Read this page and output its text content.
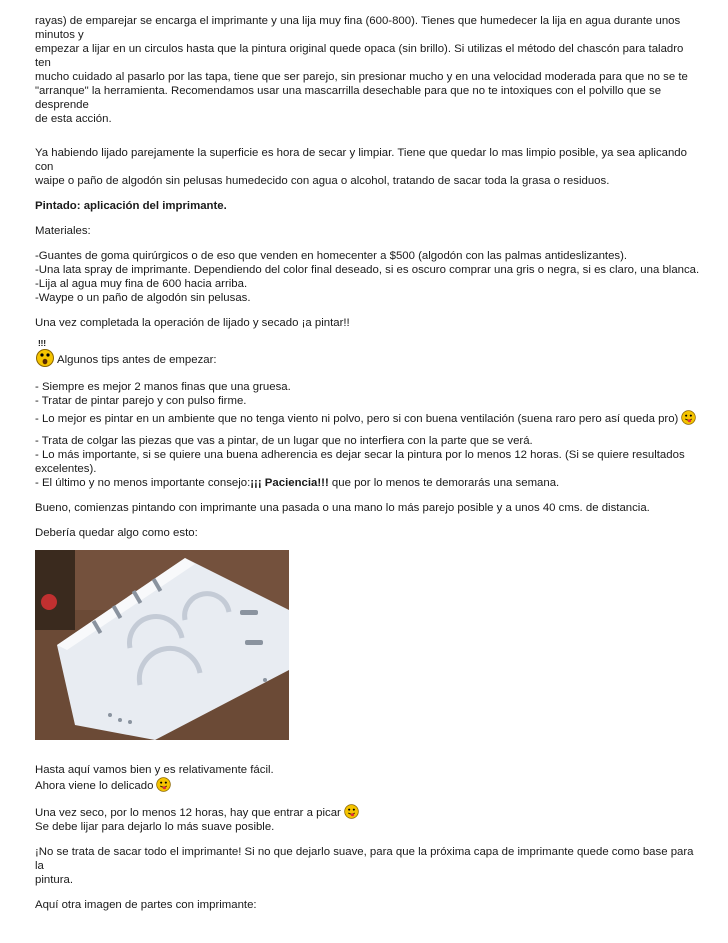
rayas) de emparejar se encarga el imprimante y una lija muy fina (600-800). Tienes que humedecer la lija en agua durante unos minutos y
empezar a lijar en un circulos hasta que la pintura original quede opaca (sin brillo). Si utilizas el método del chascón para taladro ten
mucho cuidado al pasarlo por las tapa, tiene que ser parejo, sin presionar mucho y en una velocidad moderada para que no se te
"arranque" la herramienta. Recomendamos usar una mascarrilla desechable para que no te intoxiques con el polvillo que se desprende
de esta acción.
Ya habiendo lijado parejamente la superficie es hora de secar y limpiar. Tiene que quedar lo mas limpio posible, ya sea aplicando con
waipe o paño de algodón sin pelusas humedecido con agua o alcohol, tratando de sacar toda la grasa o residuos.
Pintado: aplicación del imprimante.
Materiales:
-Guantes de goma quirúrgicos o de eso que venden en homecenter a $500 (algodón con las palmas antideslizantes).
-Una lata spray de imprimante. Dependiendo del color final deseado, si es oscuro comprar una gris o negra, si es claro, una blanca.
-Lija al agua muy fina de 600 hacia arriba.
-Waype o un paño de algodón sin pelusas.
Una vez completada la operación de lijado y secado ¡a pintar!!
!!!
Algunos tips antes de empezar:
- Siempre es mejor 2 manos finas que una gruesa.
- Tratar de pintar parejo y con pulso firme.
- Lo mejor es pintar en un ambiente que no tenga viento ni polvo, pero si con buena ventilación (suena raro pero así queda pro)
- Trata de colgar las piezas que vas a pintar, de un lugar que no interfiera con la parte que se verá.
- Lo más importante, si se quiere una buena adherencia es dejar secar la pintura por lo menos 12 horas. (Si se quiere resultados
excelentes).
- El último y no menos importante consejo:¡¡¡ Paciencia!!! que por lo menos te demorarás una semana.
Bueno, comienzas pintando con imprimante una pasada o una mano lo más parejo posible y a unos 40 cms. de distancia.
Debería quedar algo como esto:
Hasta aquí vamos bien y es relativamente fácil.
Ahora viene lo delicado
Una vez seco, por lo menos 12 horas, hay que entrar a picar
Se debe lijar para dejarlo lo más suave posible.
¡No se trata de sacar todo el imprimante! Si no que dejarlo suave, para que la próxima capa de imprimante quede como base para la
pintura.
Aquí otra imagen de partes con imprimante:
